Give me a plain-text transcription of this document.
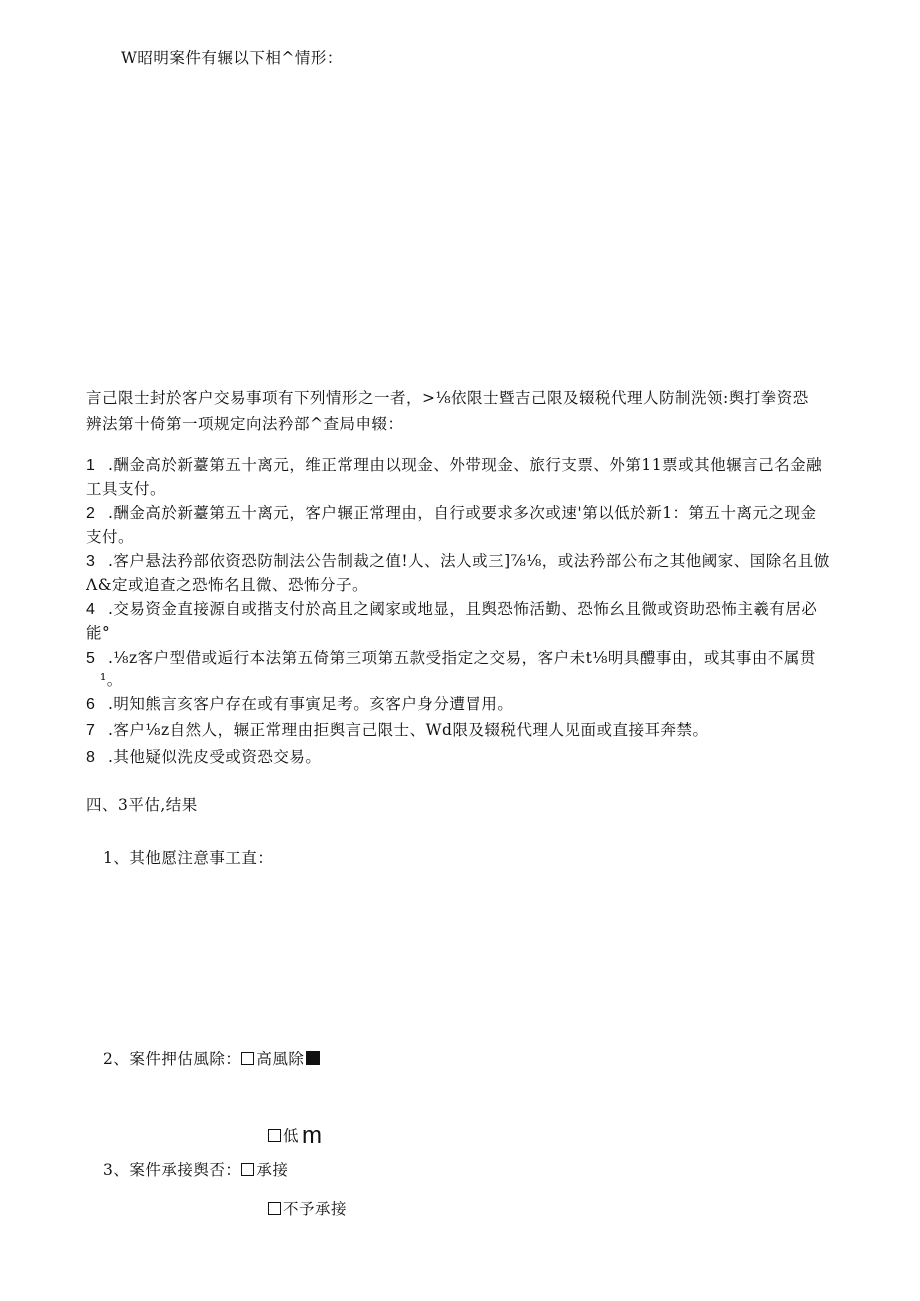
W昭明案件有辗以下相^情形：
言己限士封於客户交易事项有下列情形之一者，>⅛依限士暨吉己限及辍税代理人防制洗领:舆打拳资恐
辨法第十倚第一项规定向法矜部^查局申辍：
1 .酬金高於新薹第五十离元，维正常理由以现金、外带现金、旅行支票、外第11票或其他辗言己名金融
工具支付。
2 .酬金高於新薹第五十离元，客户辗正常理由，自行或要求多次或速'第以低於新1：第五十离元之现金
支付。
3 .客户悬法矜部依资恐防制法公告制裁之值!人、法人或三]⅞⅛，或法矜部公布之其他阈家、国除名且倣
Λ&定或追查之恐怖名且微、恐怖分子。
4 .交易资金直接源自或揩支付於高且之阈家或地显，且舆恐怖活勤、恐怖幺且微或资助恐怖主羲有居必
能°
5 .⅛z客户型借或逅行本法第五倚第三项第五款受指定之交易，客户未t⅛明具醴事由，或其事由不属贯
¹。
6 .明知熊言亥客户存在或有事寅足考。亥客户身分遭冒用。
7 .客户⅛z自然人，辗正常理由拒舆言己限士、Wd限及辍税代理人见面或直接耳奔禁。
8 .其他疑似洗皮受或资恐交易。
四、3平估,结果
1、其他愿注意事工直：
2、案件押估風除： 高風除
低 m
3、案件承接舆否： 承接
不予承接
